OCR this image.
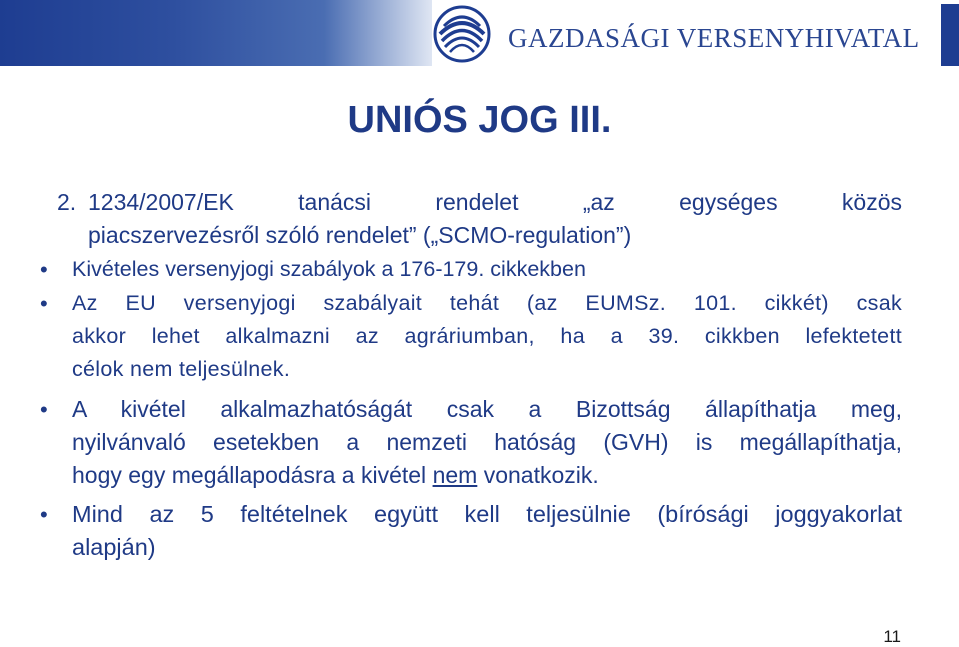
GAZDASÁGI VERSENYHIVATAL
UNIÓS JOG III.
2. 1234/2007/EK tanácsi rendelet „az egységes közös
piacszervezésről szóló rendelet” („SCMO-regulation”)
• Kivételes versenyjogi szabályok a 176-179. cikkekben
• Az EU versenyjogi szabályait tehát (az EUMSz. 101. cikkét) csak
akkor lehet alkalmazni az agráriumban, ha a 39. cikkben lefektetett
célok nem teljesülnek.
• A kivétel alkalmazhatóságát csak a Bizottság állapíthatja meg,
nyilvánvaló esetekben a nemzeti hatóság (GVH) is megállapíthatja,
hogy egy megállapodásra a kivétel nem vonatkozik.
• Mind az 5 feltételnek együtt kell teljesülnie (bírósági joggyakorlat
alapján)
11
